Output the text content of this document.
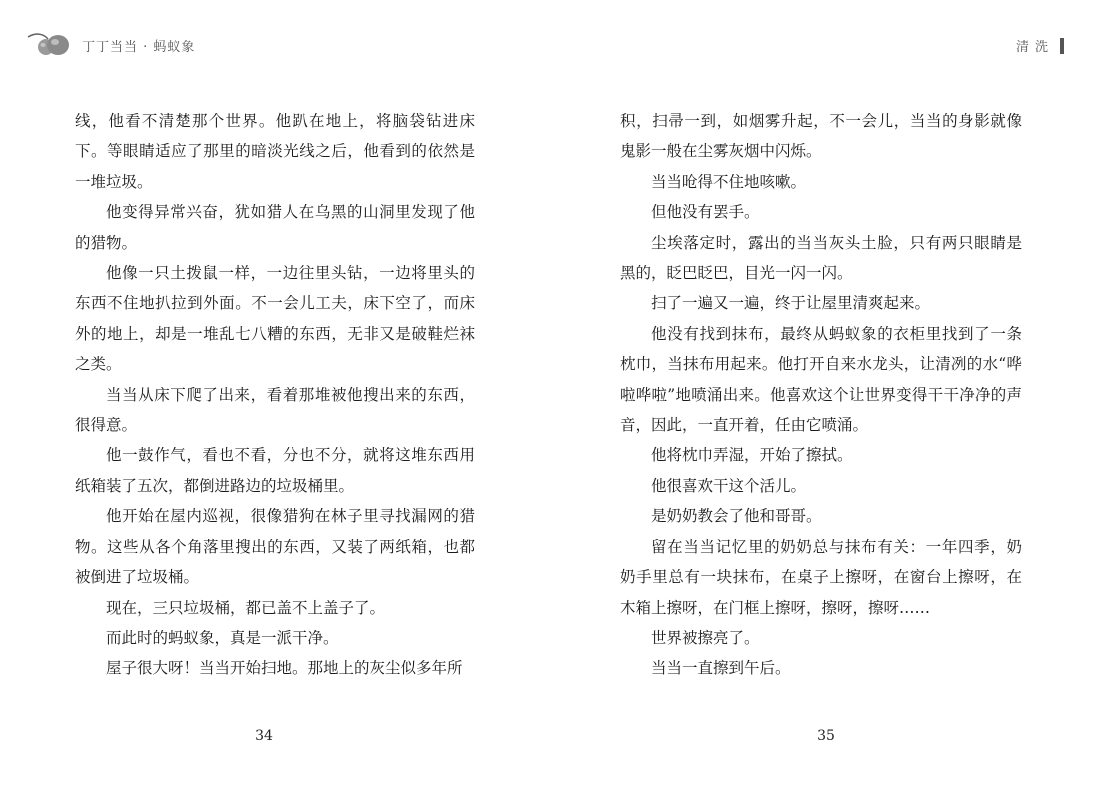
丁丁当当 · 蚂蚁象

线，他看不清楚那个世界。他趴在地上，将脑袋钻进床下。等眼睛适应了那里的暗淡光线之后，他看到的依然是一堆垃圾。

他变得异常兴奋，犹如猎人在乌黑的山洞里发现了他的猎物。

他像一只土拨鼠一样，一边往里头钻，一边将里头的东西不住地扒拉到外面。不一会儿工夫，床下空了，而床外的地上，却是一堆乱七八糟的东西，无非又是破鞋烂袜之类。

当当从床下爬了出来，看着那堆被他搜出来的东西，很得意。

他一鼓作气，看也不看，分也不分，就将这堆东西用纸箱装了五次，都倒进路边的垃圾桶里。

他开始在屋内巡视，很像猎狗在林子里寻找漏网的猎物。这些从各个角落里搜出的东西，又装了两纸箱，也都被倒进了垃圾桶。

现在，三只垃圾桶，都已盖不上盖子了。

而此时的蚂蚁象，真是一派干净。

屋子很大呀！当当开始扫地。那地上的灰尘似多年所

34
清洗

积，扫帚一到，如烟雾升起，不一会儿，当当的身影就像鬼影一般在尘雾灰烟中闪烁。

当当呛得不住地咳嗽。

但他没有罢手。

尘埃落定时，露出的当当灰头土脸，只有两只眼睛是黑的，眨巴眨巴，目光一闪一闪。

扫了一遍又一遍，终于让屋里清爽起来。

他没有找到抹布，最终从蚂蚁象的衣柜里找到了一条枕巾，当抹布用起来。他打开自来水龙头，让清冽的水“哗啦哗啦”地喷涌出来。他喜欢这个让世界变得干干净净的声音，因此，一直开着，任由它喷涌。

他将枕巾弄湿，开始了擦拭。

他很喜欢干这个活儿。

是奶奶教会了他和哥哥。

留在当当记忆里的奶奶总与抹布有关：一年四季，奶奶手里总有一块抹布，在桌子上擦呀，在窗台上擦呀，在木箱上擦呀，在门框上擦呀，擦呀，擦呀……

世界被擦亮了。

当当一直擦到午后。

35
